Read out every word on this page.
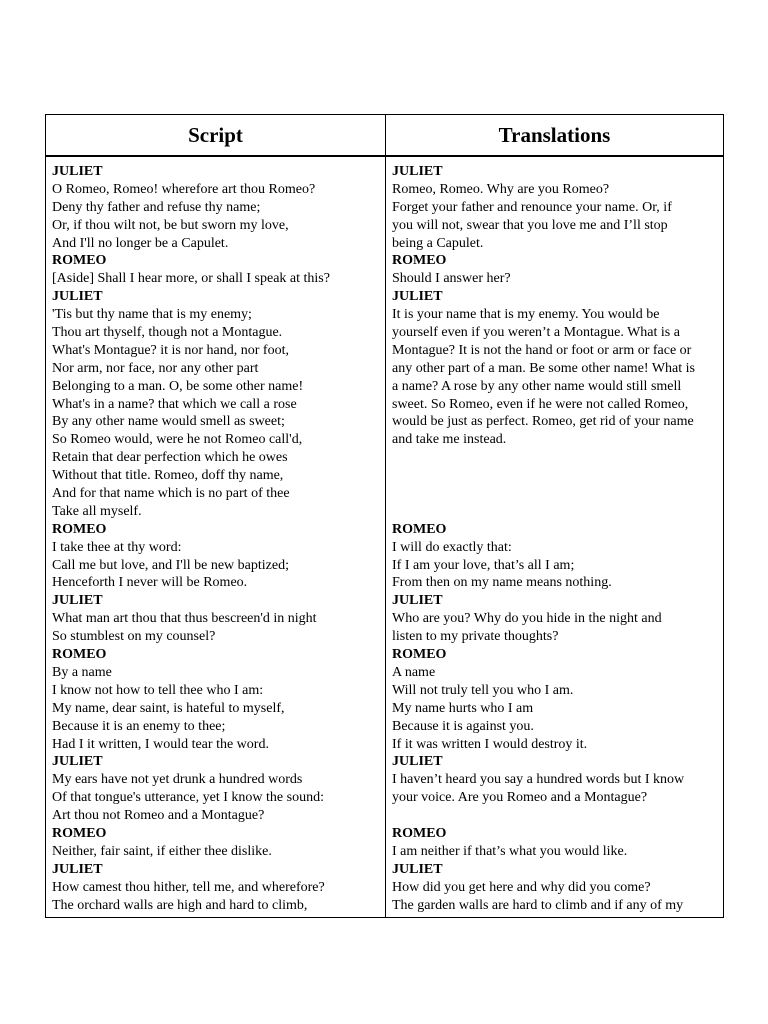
Script	Translations
JULIET
O Romeo, Romeo! wherefore art thou Romeo?
Deny thy father and refuse thy name;
Or, if thou wilt not, be but sworn my love,
And I'll no longer be a Capulet.
ROMEO
[Aside] Shall I hear more, or shall I speak at this?
JULIET
'Tis but thy name that is my enemy;
Thou art thyself, though not a Montague.
What's Montague? it is nor hand, nor foot,
Nor arm, nor face, nor any other part
Belonging to a man. O, be some other name!
What's in a name? that which we call a rose
By any other name would smell as sweet;
So Romeo would, were he not Romeo call'd,
Retain that dear perfection which he owes
Without that title. Romeo, doff thy name,
And for that name which is no part of thee
Take all myself.
ROMEO
I take thee at thy word:
Call me but love, and I'll be new baptized;
Henceforth I never will be Romeo.
JULIET
What man art thou that thus bescreen'd in night
So stumblest on my counsel?
ROMEO
By a name
I know not how to tell thee who I am:
My name, dear saint, is hateful to myself,
Because it is an enemy to thee;
Had I it written, I would tear the word.
JULIET
My ears have not yet drunk a hundred words
Of that tongue's utterance, yet I know the sound:
Art thou not Romeo and a Montague?
ROMEO
Neither, fair saint, if either thee dislike.
JULIET
How camest thou hither, tell me, and wherefore?
The orchard walls are high and hard to climb,
JULIET
Romeo, Romeo. Why are you Romeo?
Forget your father and renounce your name. Or, if
you will not, swear that you love me and I’ll stop
being a Capulet.
ROMEO
Should I answer her?
JULIET
It is your name that is my enemy. You would be
yourself even if you weren’t a Montague. What is a
Montague? It is not the hand or foot or arm or face or
any other part of a man. Be some other name! What is
a name? A rose by any other name would still smell
sweet. So Romeo, even if he were not called Romeo,
would be just as perfect. Romeo, get rid of your name
and take me instead.
ROMEO
I will do exactly that:
If I am your love, that’s all I am;
From then on my name means nothing.
JULIET
Who are you? Why do you hide in the night and
listen to my private thoughts?
ROMEO
A name
Will not truly tell you who I am.
My name hurts who I am
Because it is against you.
If it was written I would destroy it.
JULIET
I haven’t heard you say a hundred words but I know
your voice. Are you Romeo and a Montague?
ROMEO
I am neither if that’s what you would like.
JULIET
How did you get here and why did you come?
The garden walls are hard to climb and if any of my
